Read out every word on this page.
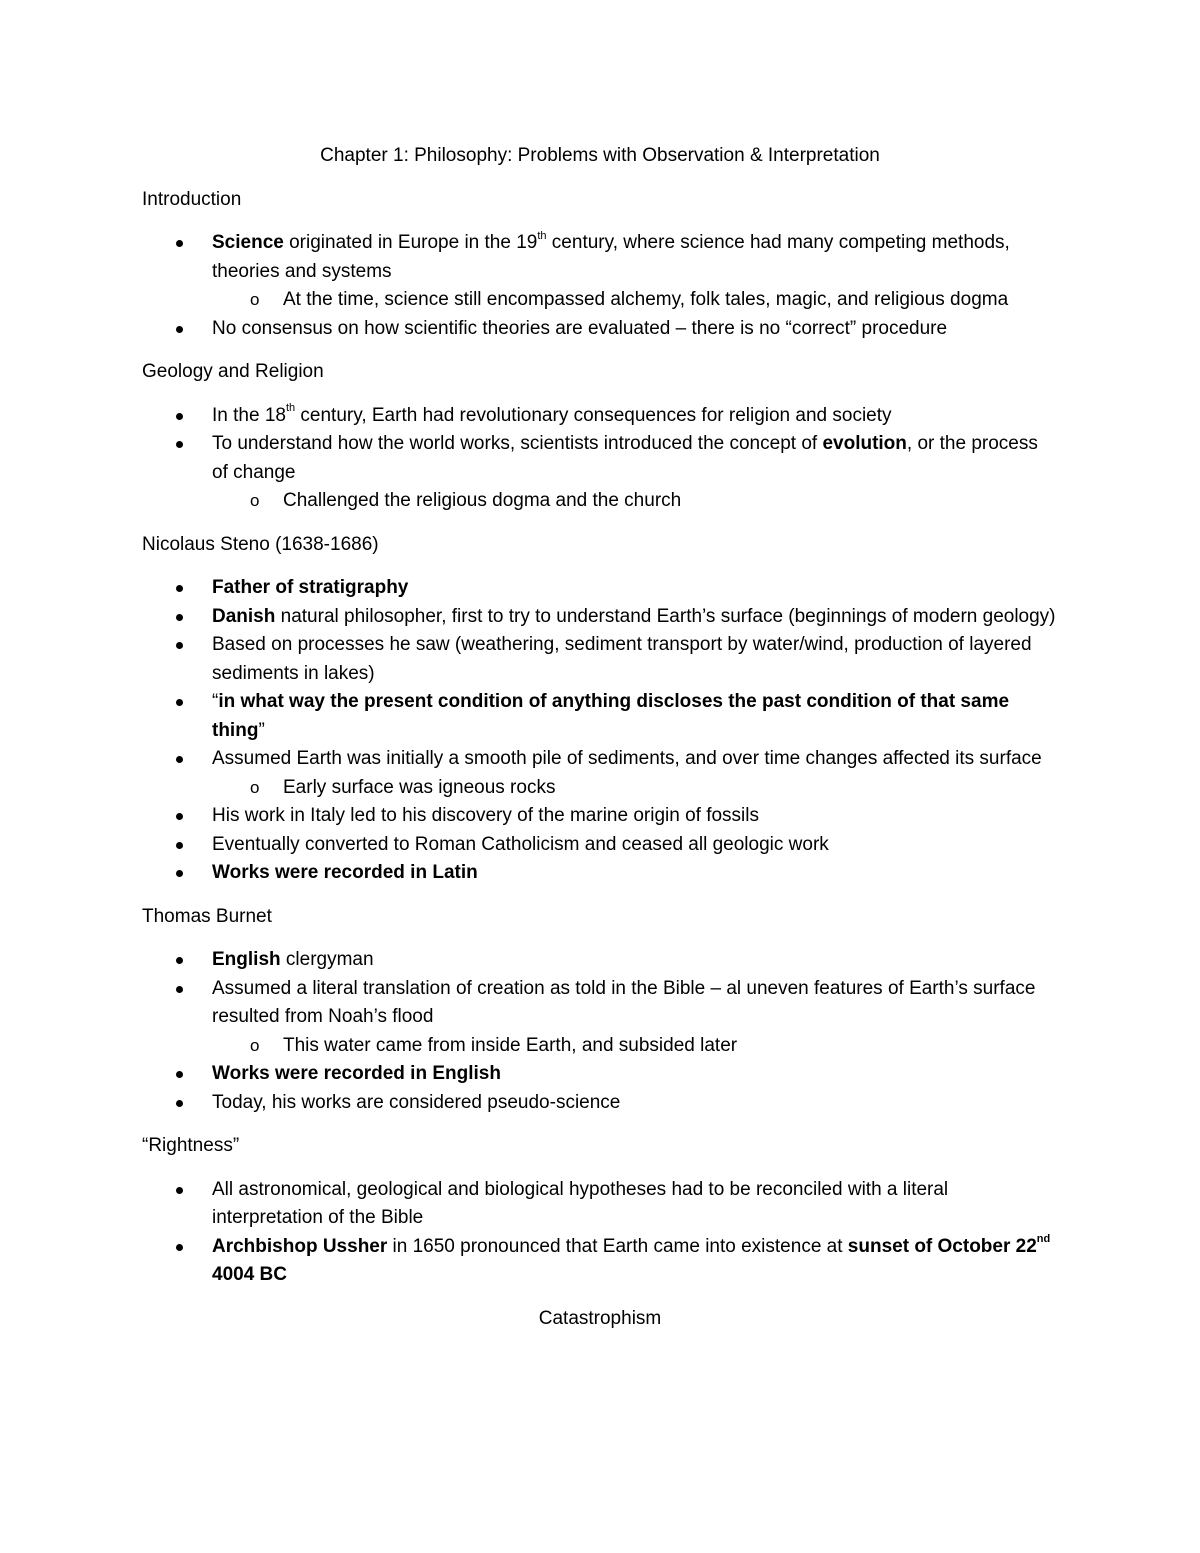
Chapter 1: Philosophy: Problems with Observation & Interpretation
Introduction
Science originated in Europe in the 19th century, where science had many competing methods, theories and systems
o At the time, science still encompassed alchemy, folk tales, magic, and religious dogma
No consensus on how scientific theories are evaluated – there is no “correct” procedure
Geology and Religion
In the 18th century, Earth had revolutionary consequences for religion and society
To understand how the world works, scientists introduced the concept of evolution, or the process of change
o Challenged the religious dogma and the church
Nicolaus Steno (1638-1686)
Father of stratigraphy
Danish natural philosopher, first to try to understand Earth’s surface (beginnings of modern geology)
Based on processes he saw (weathering, sediment transport by water/wind, production of layered sediments in lakes)
“in what way the present condition of anything discloses the past condition of that same thing”
Assumed Earth was initially a smooth pile of sediments, and over time changes affected its surface
o Early surface was igneous rocks
His work in Italy led to his discovery of the marine origin of fossils
Eventually converted to Roman Catholicism and ceased all geologic work
Works were recorded in Latin
Thomas Burnet
English clergyman
Assumed a literal translation of creation as told in the Bible – al uneven features of Earth’s surface resulted from Noah’s flood
o This water came from inside Earth, and subsided later
Works were recorded in English
Today, his works are considered pseudo-science
“Rightness”
All astronomical, geological and biological hypotheses had to be reconciled with a literal interpretation of the Bible
Archbishop Ussher in 1650 pronounced that Earth came into existence at sunset of October 22nd 4004 BC
Catastrophism
